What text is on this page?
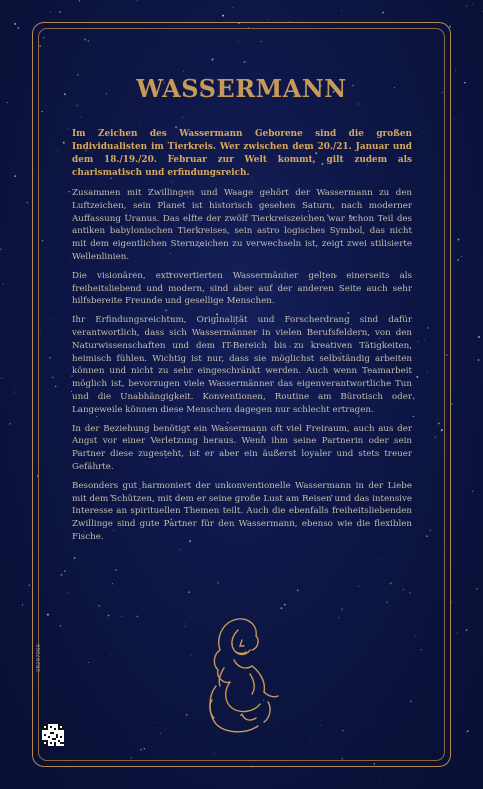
WASSERMANN

Im Zeichen des Wassermann Geborene sind die großen Individualisten im Tierkreis. Wer zwischen dem 20./21. Januar und dem 18./19./20. Februar zur Welt kommt, gilt zudem als charismatisch und erfindungsreich.

Zusammen mit Zwillingen und Waage gehört der Wassermann zu den Luftzeichen, sein Planet ist historisch gesehen Saturn, nach moderner Auffassung Uranus. Das elfte der zwölf Tierkreiszeichen war schon Teil des antiken babylonischen Tierkreises, sein astro logisches Symbol, das nicht mit dem eigentlichen Sternzeichen zu verwechseln ist, zeigt zwei stilisierte Wellenlinien.

Die visionären, extrovertierten Wassermänner gelten einerseits als freiheitsliebend und modern, sind aber auf der anderen Seite auch sehr hilfsbereite Freunde und gesellige Menschen.

Ihr Erfindungsreichtum, Originalität und Forscherdrang sind dafür verantwortlich, dass sich Wassermänner in vielen Berufsfeldern, von den Naturwissenschaften und dem IT-Bereich bis zu kreativen Tätigkeiten, heimisch fühlen. Wichtig ist nur, dass sie möglichst selbständig arbeiten können und nicht zu sehr eingeschränkt werden. Auch wenn Teamarbeit möglich ist, bevorzugen viele Wassermänner das eigenverantwortliche Tun und die Unabhängigkeit. Konventionen, Routine am Bürotisch oder Langeweile können diese Menschen dagegen nur schlecht ertragen.

In der Beziehung benötigt ein Wassermann oft viel Freiraum, auch aus der Angst vor einer Verletzung heraus. Wenn ihm seine Partnerin oder sein Partner diese zugesteht, ist er aber ein äußerst loyaler und stets treuer Gefährte.

Besonders gut harmoniert der unkonventionelle Wassermann in der Liebe mit dem Schützen, mit dem er seine große Lust am Reisen und das intensive Interesse an spirituellen Themen teilt. Auch die ebenfalls freiheitsliebenden Zwillinge sind gute Partner für den Wassermann, ebenso wie die flexiblen Fische.

08297066
